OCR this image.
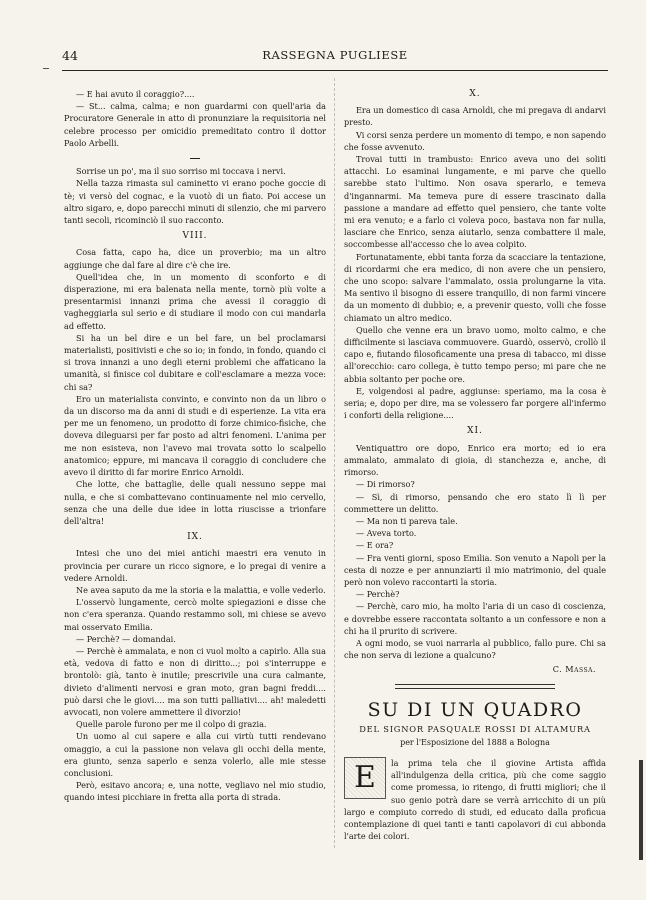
44	RASSEGNA PUGLIESE

— E hai avuto il coraggio?....

— St... calma, calma; e non guardarmi con quell'aria da Procuratore Generale in atto di pronunziare la requisitoria nel celebre processo per omicidio premeditato contro il dottor Paolo Arbelli.

Sorrise un po', ma il suo sorriso mi toccava i nervi.

Nella tazza rimasta sul caminetto vi erano poche goccie di tè; vi versò del cognac, e la vuotò di un fiato. Poi accese un altro sigaro, e, dopo parecchi minuti di silenzio, che mi parvero tanti secoli, ricominciò il suo racconto.

VIII.

Cosa fatta, capo ha, dice un proverbio; ma un altro aggiunge che dal fare al dire c'è che ire.

Quell'idea che, in un momento di sconforto e di disperazione, mi era balenata nella mente, tornò più volte a presentarmisi innanzi prima che avessi il coraggio di vagheggiarla sul serio e di studiare il modo con cui mandarla ad effetto.

Si ha un bel dire e un bel fare, un bel proclamarsi materialisti, positivisti e che so io; in fondo, in fondo, quando ci si trova innanzi a uno degli eterni problemi che affaticano la umanità, si finisce col dubitare e coll'esclamare a mezza voce: chi sa?

Ero un materialista convinto, e convinto non da un libro o da un discorso ma da anni di studi e di esperienze. La vita era per me un fenomeno, un prodotto di forze chimico-fisiche, che doveva dileguarsi per far posto ad altri fenomeni. L'anima per me non esisteva, non l'avevo mai trovata sotto lo scalpello anatomico; eppure, mi mancava il coraggio di concludere che avevo il diritto di far morire Enrico Arnoldi.

Che lotte, che battaglie, delle quali nessuno seppe mai nulla, e che si combattevano continuamente nel mio cervello, senza che una delle due idee in lotta riuscisse a trionfare dell'altra!

IX.

Intesi che uno dei miei antichi maestri era venuto in provincia per curare un ricco signore, e lo pregai di venire a vedere Arnoldi.

Ne avea saputo da me la storia e la malattia, e volle vederlo.

L'osservò lungamente, cercò molte spiegazioni e disse che non c'era speranza. Quando restammo soli, mi chiese se avevo mai osservato Emilia.

— Perchè? — domandai.

— Perchè è ammalata, e non ci vuol molto a capirlo. Alla sua età, vedova di fatto e non di diritto...; poi s'interruppe e brontolò: già, tanto è inutile; prescrivile una cura calmante, divieto d'alimenti nervosi e gran moto, gran bagni freddi.... può darsi che le giovi.... ma son tutti palliativi.... ah! maledetti avvocati, non volere ammettere il divorzio!

Quelle parole furono per me il colpo di grazia.

Un uomo al cui sapere e alla cui virtù tutti rendevano omaggio, a cui la passione non velava gli occhi della mente, era giunto, senza saperlo e senza volerlo, alle mie stesse conclusioni.

Però, esitavo ancora; e, una notte, vegliavo nel mio studio, quando intesi picchiare in fretta alla porta di strada.

X.

Era un domestico di casa Arnoldi, che mi pregava di andarvi presto.

Vi corsi senza perdere un momento di tempo, e non sapendo che fosse avvenuto.

Trovai tutti in trambusto: Enrico aveva uno dei soliti attacchi. Lo esaminai lungamente, e mi parve che quello sarebbe stato l'ultimo. Non osava sperarlo, e temeva d'ingannarmi. Ma temeva pure di essere trascinato dalla passione a mandare ad effetto quel pensiero, che tante volte mi era venuto; e a farlo ci voleva poco, bastava non far nulla, lasciare che Enrico, senza aiutarlo, senza combattere il male, soccombesse all'accesso che lo avea colpito.

Fortunatamente, ebbi tanta forza da scacciare la tentazione, di ricordarmi che era medico, di non avere che un pensiero, che uno scopo: salvare l'ammalato, ossia prolungarne la vita. Ma sentivo il bisogno di essere tranquillo, di non farmi vincere da un momento di dubbio; e, a prevenir questo, volli che fosse chiamato un altro medico.

Quello che venne era un bravo uomo, molto calmo, e che difficilmente si lasciava commuovere. Guardò, osservò, crollò il capo e, fiutando filosoficamente una presa di tabacco, mi disse all'orecchio: caro collega, è tutto tempo perso; mi pare che ne abbia soltanto per poche ore.

E, volgendosi al padre, aggiunse: speriamo, ma la cosa è seria; e, dopo per dire, ma se volessero far porgere all'infermo i conforti della religione....

XI.

Ventiquattro ore dopo, Enrico era morto; ed io era ammalato, ammalato di gioia, di stanchezza e, anche, di rimorso.

— Di rimorso?

— Sì, di rimorso, pensando che ero stato lì lì per commettere un delitto.

— Ma non ti pareva tale.

— Aveva torto.

— E ora?

— Fra venti giorni, sposo Emilia. Son venuto a Napoli per la cesta di nozze e per annunziarti il mio matrimonio, del quale però non volevo raccontarti la storia.

— Perchè?

— Perchè, caro mio, ha molto l'aria di un caso di coscienza, e dovrebbe essere raccontata soltanto a un confessore e non a chi ha il prurito di scrivere.

A ogni modo, se vuoi narrarla al pubblico, fallo pure. Chi sa che non serva di lezione a qualcuno?

C. Massa.
SU DI UN QUADRO
DEL SIGNOR PASQUALE ROSSI DI ALTAMURA
per l'Esposizione del 1888 a Bologna
E	la prima tela che il giovine Artista affida all'indulgenza della critica, più che come saggio come promessa, io ritengo, di frutti migliori; che il suo genio potrà dare se verrà arricchito di un più largo e compiuto corredo di studi, ed educato dalla proficua contemplazione di quei tanti e tanti capolavori di cui abbonda l'arte dei colori.
